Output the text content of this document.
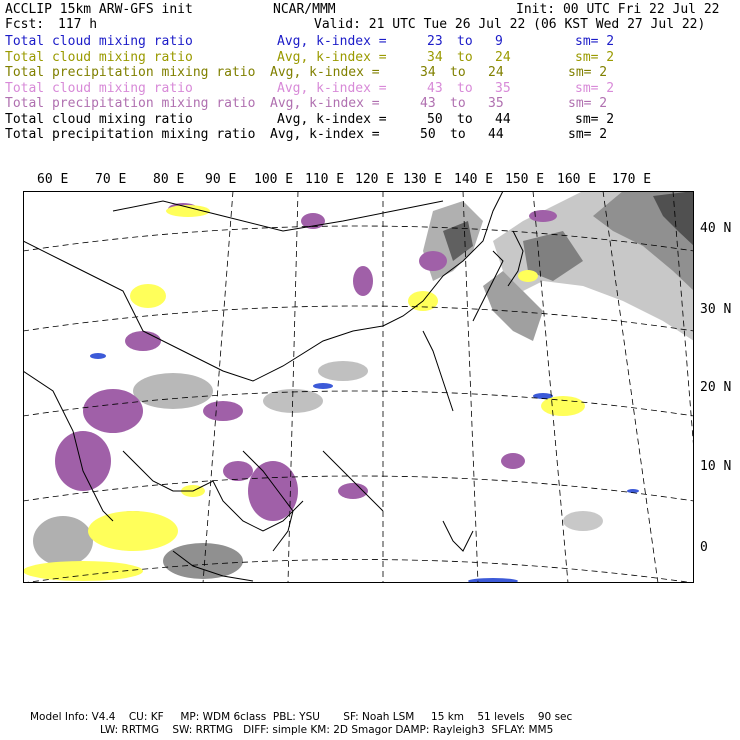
ACCLIP 15km ARW-GFS init	NCAR/MMM	Init: 00 UTC Fri 22 Jul 22
Fcst: 117 h	Valid: 21 UTC Tue 26 Jul 22 (06 KST Wed 27 Jul 22)
Total cloud mixing ratio	Avg, k-index =	23 to 9	sm= 2
Total cloud mixing ratio	Avg, k-index =	34 to 24	sm= 2
Total precipitation mixing ratio Avg, k-index =	34 to 24	sm= 2
Total cloud mixing ratio	Avg, k-index =	43 to 35	sm= 2
Total precipitation mixing ratio Avg, k-index =	43 to 35	sm= 2
Total cloud mixing ratio	Avg, k-index =	50 to 44	sm= 2
Total precipitation mixing ratio Avg, k-index =	50 to 44	sm= 2
60 E 70 E 80 E 90 E 100 E 110 E 120 E 130 E 140 E 150 E 160 E 170 E
40 N
30 N
20 N
10 N
0
Model Info: V4.4    CU: KF     MP: WDM 6class  PBL: YSU       SF: Noah LSM     15 km    51 levels    90 sec
LW: RRTMG    SW: RRTMG   DIFF: simple KM: 2D Smagor DAMP: Rayleigh3  SFLAY: MM5
